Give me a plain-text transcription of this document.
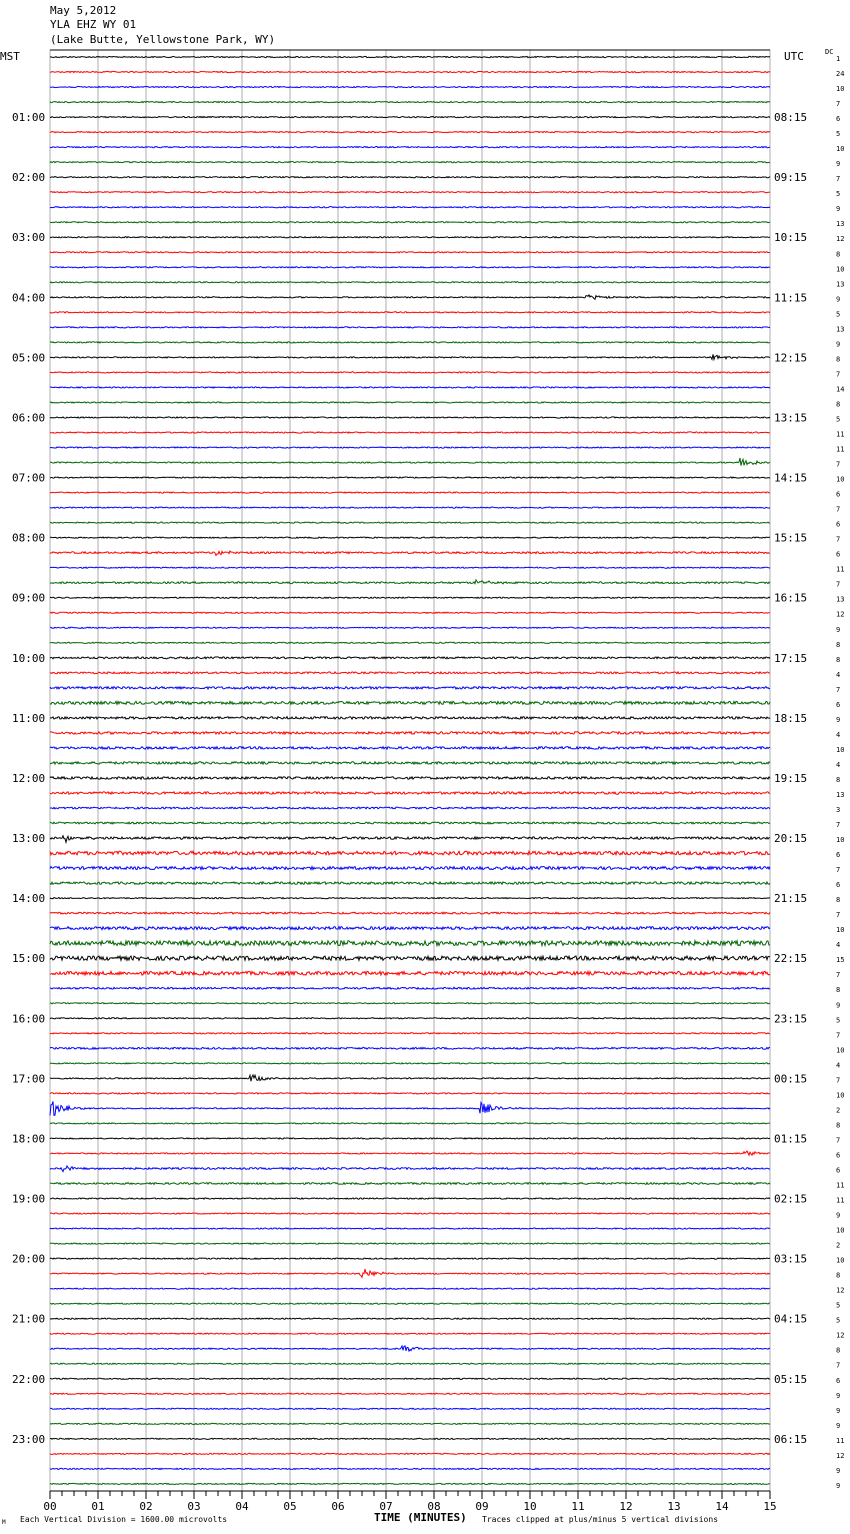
May 5,2012
YLA EHZ WY 01
(Lake Butte, Yellowstone Park, WY)
MST	UTC	DC
1
24
10
7
6
5
10
9
7
5
9
13
12
8
10
13
9
5
13
9
8
7
14
8
5
11
11
7
10
6
7
6
7
6
11
7
13
12
9
8
8
4
7
6
9
4
10
4
8
13
3
7
10
6
7
6
8
7
10
4
15
7
8
9
5
7
10
4
7
10
2
8
7
6
6
11
11
9
10
2
10
8
12
5
5
12
8
7
6
9
9
9
11
12
9
9
01:00	08:15
02:00	09:15
03:00	10:15
04:00	11:15
05:00	12:15
06:00	13:15
07:00	14:15
08:00	15:15
09:00	16:15
10:00	17:15
11:00	18:15
12:00	19:15
13:00	20:15
14:00	21:15
15:00	22:15
16:00	23:15
17:00	00:15
18:00	01:15
19:00	02:15
20:00	03:15
21:00	04:15
22:00	05:15
23:00	06:15
00	01	02	03	04	05	06	07	08	09	10	11	12	13	14	15
M Each Vertical Division = 1600.00 microvolts	TIME (MINUTES) Traces clipped at plus/minus 5 vertical divisions
